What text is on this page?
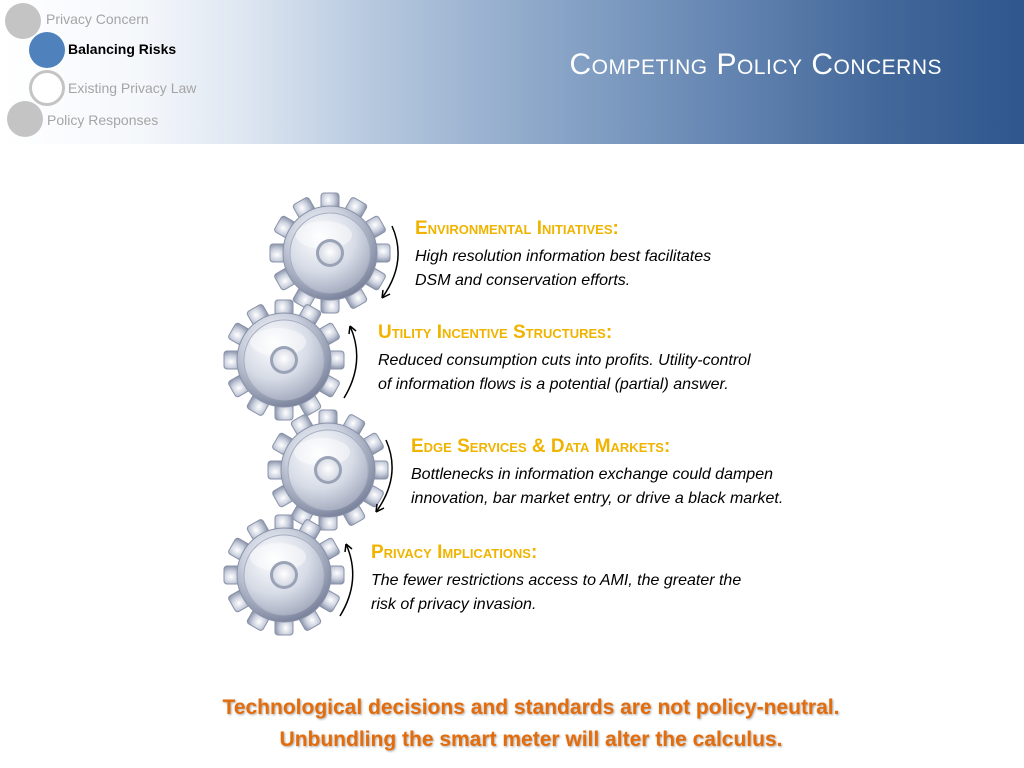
Competing Policy Concerns
Privacy Concern
Balancing Risks
Existing Privacy Law
Policy Responses
Environmental Initiatives:
High resolution information best facilitates
DSM and conservation efforts.
Utility Incentive Structures:
Reduced consumption cuts into profits. Utility-control
of information flows is a potential (partial) answer.
Edge Services & Data Markets:
Bottlenecks in information exchange could dampen
innovation, bar market entry, or drive a black market.
Privacy Implications:
The fewer restrictions access to AMI, the greater the
risk of privacy invasion.
Technological decisions and standards are not policy-neutral.
Unbundling the smart meter will alter the calculus.
